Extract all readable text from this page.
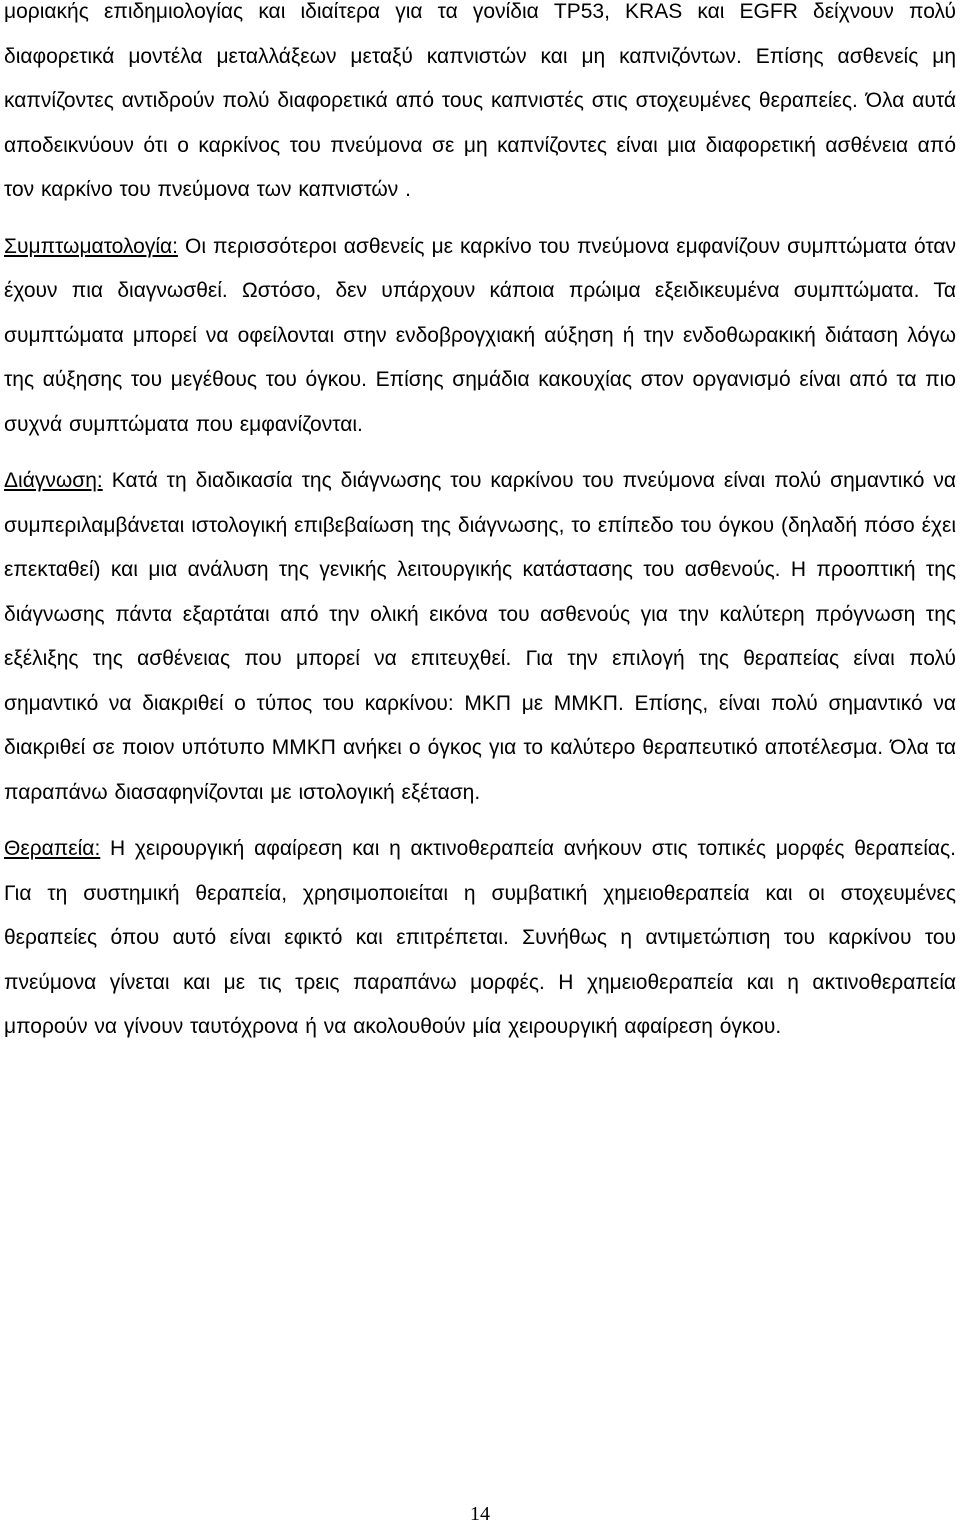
μοριακής επιδημιολογίας και ιδιαίτερα για τα γονίδια TP53, KRAS και EGFR δείχνουν πολύ διαφορετικά μοντέλα μεταλλάξεων μεταξύ καπνιστών και μη καπνιζόντων. Επίσης ασθενείς μη καπνίζοντες αντιδρούν πολύ διαφορετικά από τους καπνιστές στις στοχευμένες θεραπείες. Όλα αυτά αποδεικνύουν ότι ο καρκίνος του πνεύμονα σε μη καπνίζοντες είναι μια διαφορετική ασθένεια από τον καρκίνο του πνεύμονα των καπνιστών .

Συμπτωματολογία: Οι περισσότεροι ασθενείς με καρκίνο του πνεύμονα εμφανίζουν συμπτώματα όταν έχουν πια διαγνωσθεί. Ωστόσο, δεν υπάρχουν κάποια πρώιμα εξειδικευμένα συμπτώματα. Τα συμπτώματα μπορεί να οφείλονται στην ενδοβρογχιακή αύξηση ή την ενδοθωρακική διάταση λόγω της αύξησης του μεγέθους του όγκου. Επίσης σημάδια κακουχίας στον οργανισμό είναι από τα πιο συχνά συμπτώματα που εμφανίζονται.

Διάγνωση: Κατά τη διαδικασία της διάγνωσης του καρκίνου του πνεύμονα είναι πολύ σημαντικό να συμπεριλαμβάνεται ιστολογική επιβεβαίωση της διάγνωσης, το επίπεδο του όγκου (δηλαδή πόσο έχει επεκταθεί) και μια ανάλυση της γενικής λειτουργικής κατάστασης του ασθενούς. Η προοπτική της διάγνωσης πάντα εξαρτάται από την ολική εικόνα του ασθενούς για την καλύτερη πρόγνωση της εξέλιξης της ασθένειας που μπορεί να επιτευχθεί. Για την επιλογή της θεραπείας είναι πολύ σημαντικό να διακριθεί ο τύπος του καρκίνου: ΜΚΠ με ΜΜΚΠ. Επίσης, είναι πολύ σημαντικό να διακριθεί σε ποιον υπότυπο ΜΜΚΠ ανήκει ο όγκος για το καλύτερο θεραπευτικό αποτέλεσμα. Όλα τα παραπάνω διασαφηνίζονται με ιστολογική εξέταση.

Θεραπεία: Η χειρουργική αφαίρεση και η ακτινοθεραπεία ανήκουν στις τοπικές μορφές θεραπείας. Για τη συστημική θεραπεία, χρησιμοποιείται η συμβατική χημειοθεραπεία και οι στοχευμένες θεραπείες όπου αυτό είναι εφικτό και επιτρέπεται. Συνήθως η αντιμετώπιση του καρκίνου του πνεύμονα γίνεται και με τις τρεις παραπάνω μορφές. Η χημειοθεραπεία και η ακτινοθεραπεία μπορούν να γίνουν ταυτόχρονα ή να ακολουθούν μία χειρουργική αφαίρεση όγκου.

14
